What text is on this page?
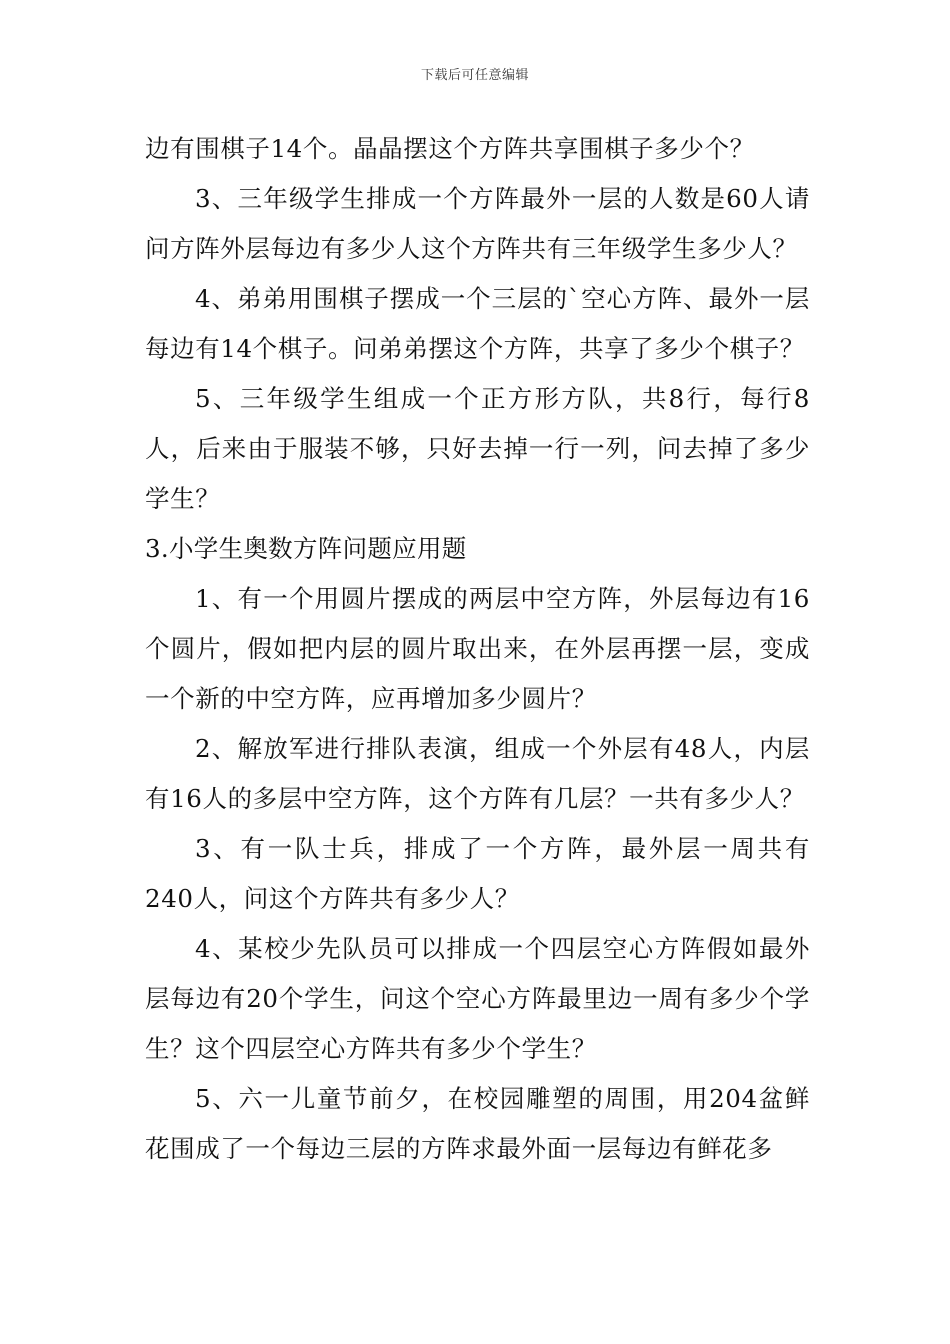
下载后可任意编辑

边有围棋子14个。晶晶摆这个方阵共享围棋子多少个？

3、三年级学生排成一个方阵最外一层的人数是60人请问方阵外层每边有多少人这个方阵共有三年级学生多少人？

4、弟弟用围棋子摆成一个三层的`空心方阵、最外一层每边有14个棋子。问弟弟摆这个方阵，共享了多少个棋子？

5、三年级学生组成一个正方形方队，共8行，每行8人，后来由于服装不够，只好去掉一行一列，问去掉了多少学生？

3.小学生奥数方阵问题应用题

1、有一个用圆片摆成的两层中空方阵，外层每边有16个圆片，假如把内层的圆片取出来，在外层再摆一层，变成一个新的中空方阵，应再增加多少圆片？

2、解放军进行排队表演，组成一个外层有48人，内层有16人的多层中空方阵，这个方阵有几层？一共有多少人？

3、有一队士兵，排成了一个方阵，最外层一周共有240人，问这个方阵共有多少人？

4、某校少先队员可以排成一个四层空心方阵假如最外层每边有20个学生，问这个空心方阵最里边一周有多少个学生？这个四层空心方阵共有多少个学生？

5、六一儿童节前夕，在校园雕塑的周围，用204盆鲜花围成了一个每边三层的方阵求最外面一层每边有鲜花多
